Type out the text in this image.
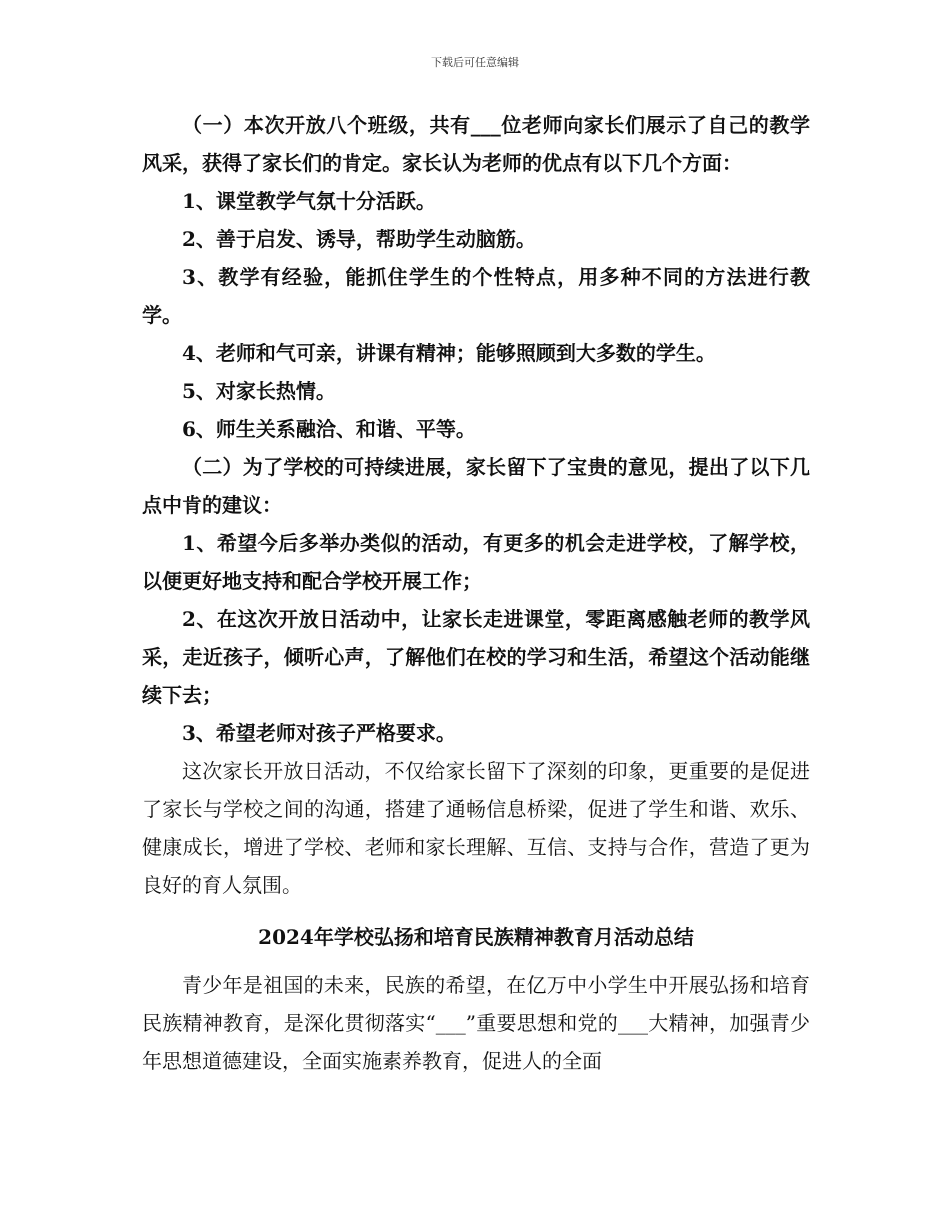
下载后可任意编辑

（一）本次开放八个班级，共有___位老师向家长们展示了自己的教学风采，获得了家长们的肯定。家长认为老师的优点有以下几个方面：

1、课堂教学气氛十分活跃。

2、善于启发、诱导，帮助学生动脑筋。

3、教学有经验，能抓住学生的个性特点，用多种不同的方法进行教学。

4、老师和气可亲，讲课有精神；能够照顾到大多数的学生。

5、对家长热情。

6、师生关系融洽、和谐、平等。

（二）为了学校的可持续进展，家长留下了宝贵的意见，提出了以下几点中肯的建议：

1、希望今后多举办类似的活动，有更多的机会走进学校，了解学校，以便更好地支持和配合学校开展工作；

2、在这次开放日活动中，让家长走进课堂，零距离感触老师的教学风采，走近孩子，倾听心声，了解他们在校的学习和生活，希望这个活动能继续下去；

3、希望老师对孩子严格要求。

这次家长开放日活动，不仅给家长留下了深刻的印象，更重要的是促进了家长与学校之间的沟通，搭建了通畅信息桥梁，促进了学生和谐、欢乐、健康成长，增进了学校、老师和家长理解、互信、支持与合作，营造了更为良好的育人氛围。

2024年学校弘扬和培育民族精神教育月活动总结

青少年是祖国的未来，民族的希望，在亿万中小学生中开展弘扬和培育民族精神教育，是深化贯彻落实“___”重要思想和党的___大精神，加强青少年思想道德建设，全面实施素养教育，促进人的全面
